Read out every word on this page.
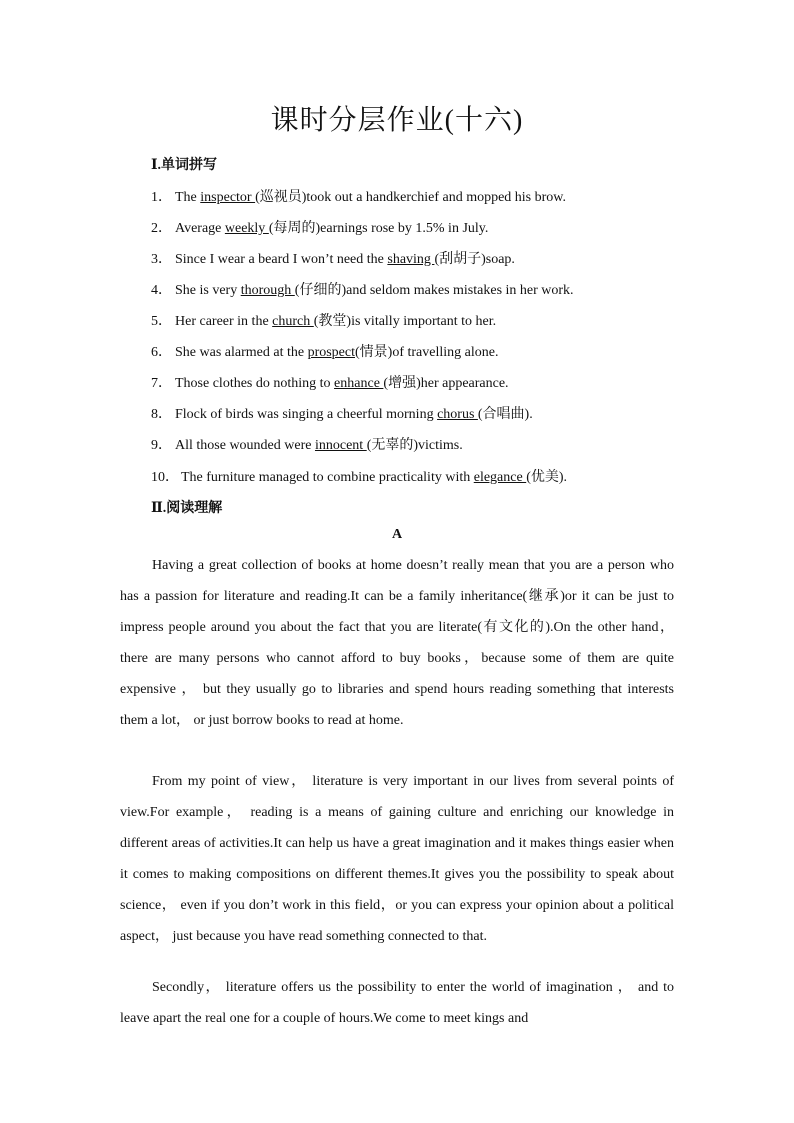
课时分层作业(十六)
Ⅰ.单词拼写
1． The inspector (巡视员)took out a handkerchief and mopped his brow.
2． Average weekly (每周的)earnings rose by 1.5% in July.
3． Since I wear a beard I won’t need the shaving (刮胡子)soap.
4． She is very thorough (仔细的)and seldom makes mistakes in her work.
5． Her career in the church (教堂)is vitally important to her.
6． She was alarmed at the prospect(情景)of travelling alone.
7． Those clothes do nothing to enhance (增强)her appearance.
8． Flock of birds was singing a cheerful morning chorus (合唱曲).
9． All those wounded were innocent (无辜的)victims.
10． The furniture managed to combine practicality with elegance (优美).
Ⅱ.阅读理解
A

Having a great collection of books at home doesn’t really mean that you are a person who has a passion for literature and reading.It can be a family inheritance(继承)or it can be just to impress people around you about the fact that you are literate(有文化的).On the other hand，there are many persons who cannot afford to buy books，because some of them are quite expensive ， but they usually go to libraries and spend hours reading something that interests them a lot， or just borrow books to read at home.

From my point of view， literature is very important in our lives from several points of view.For example， reading is a means of gaining culture and enriching our knowledge in different areas of activities.It can help us have a great imagination and it makes things easier when it comes to making compositions on different themes.It gives you the possibility to speak about science， even if you don’t work in this field，or you can express your opinion about a political aspect， just because you have read something connected to that.

Secondly， literature offers us the possibility to enter the world of imagination ， and to leave apart the real one for a couple of hours.We come to meet kings and
